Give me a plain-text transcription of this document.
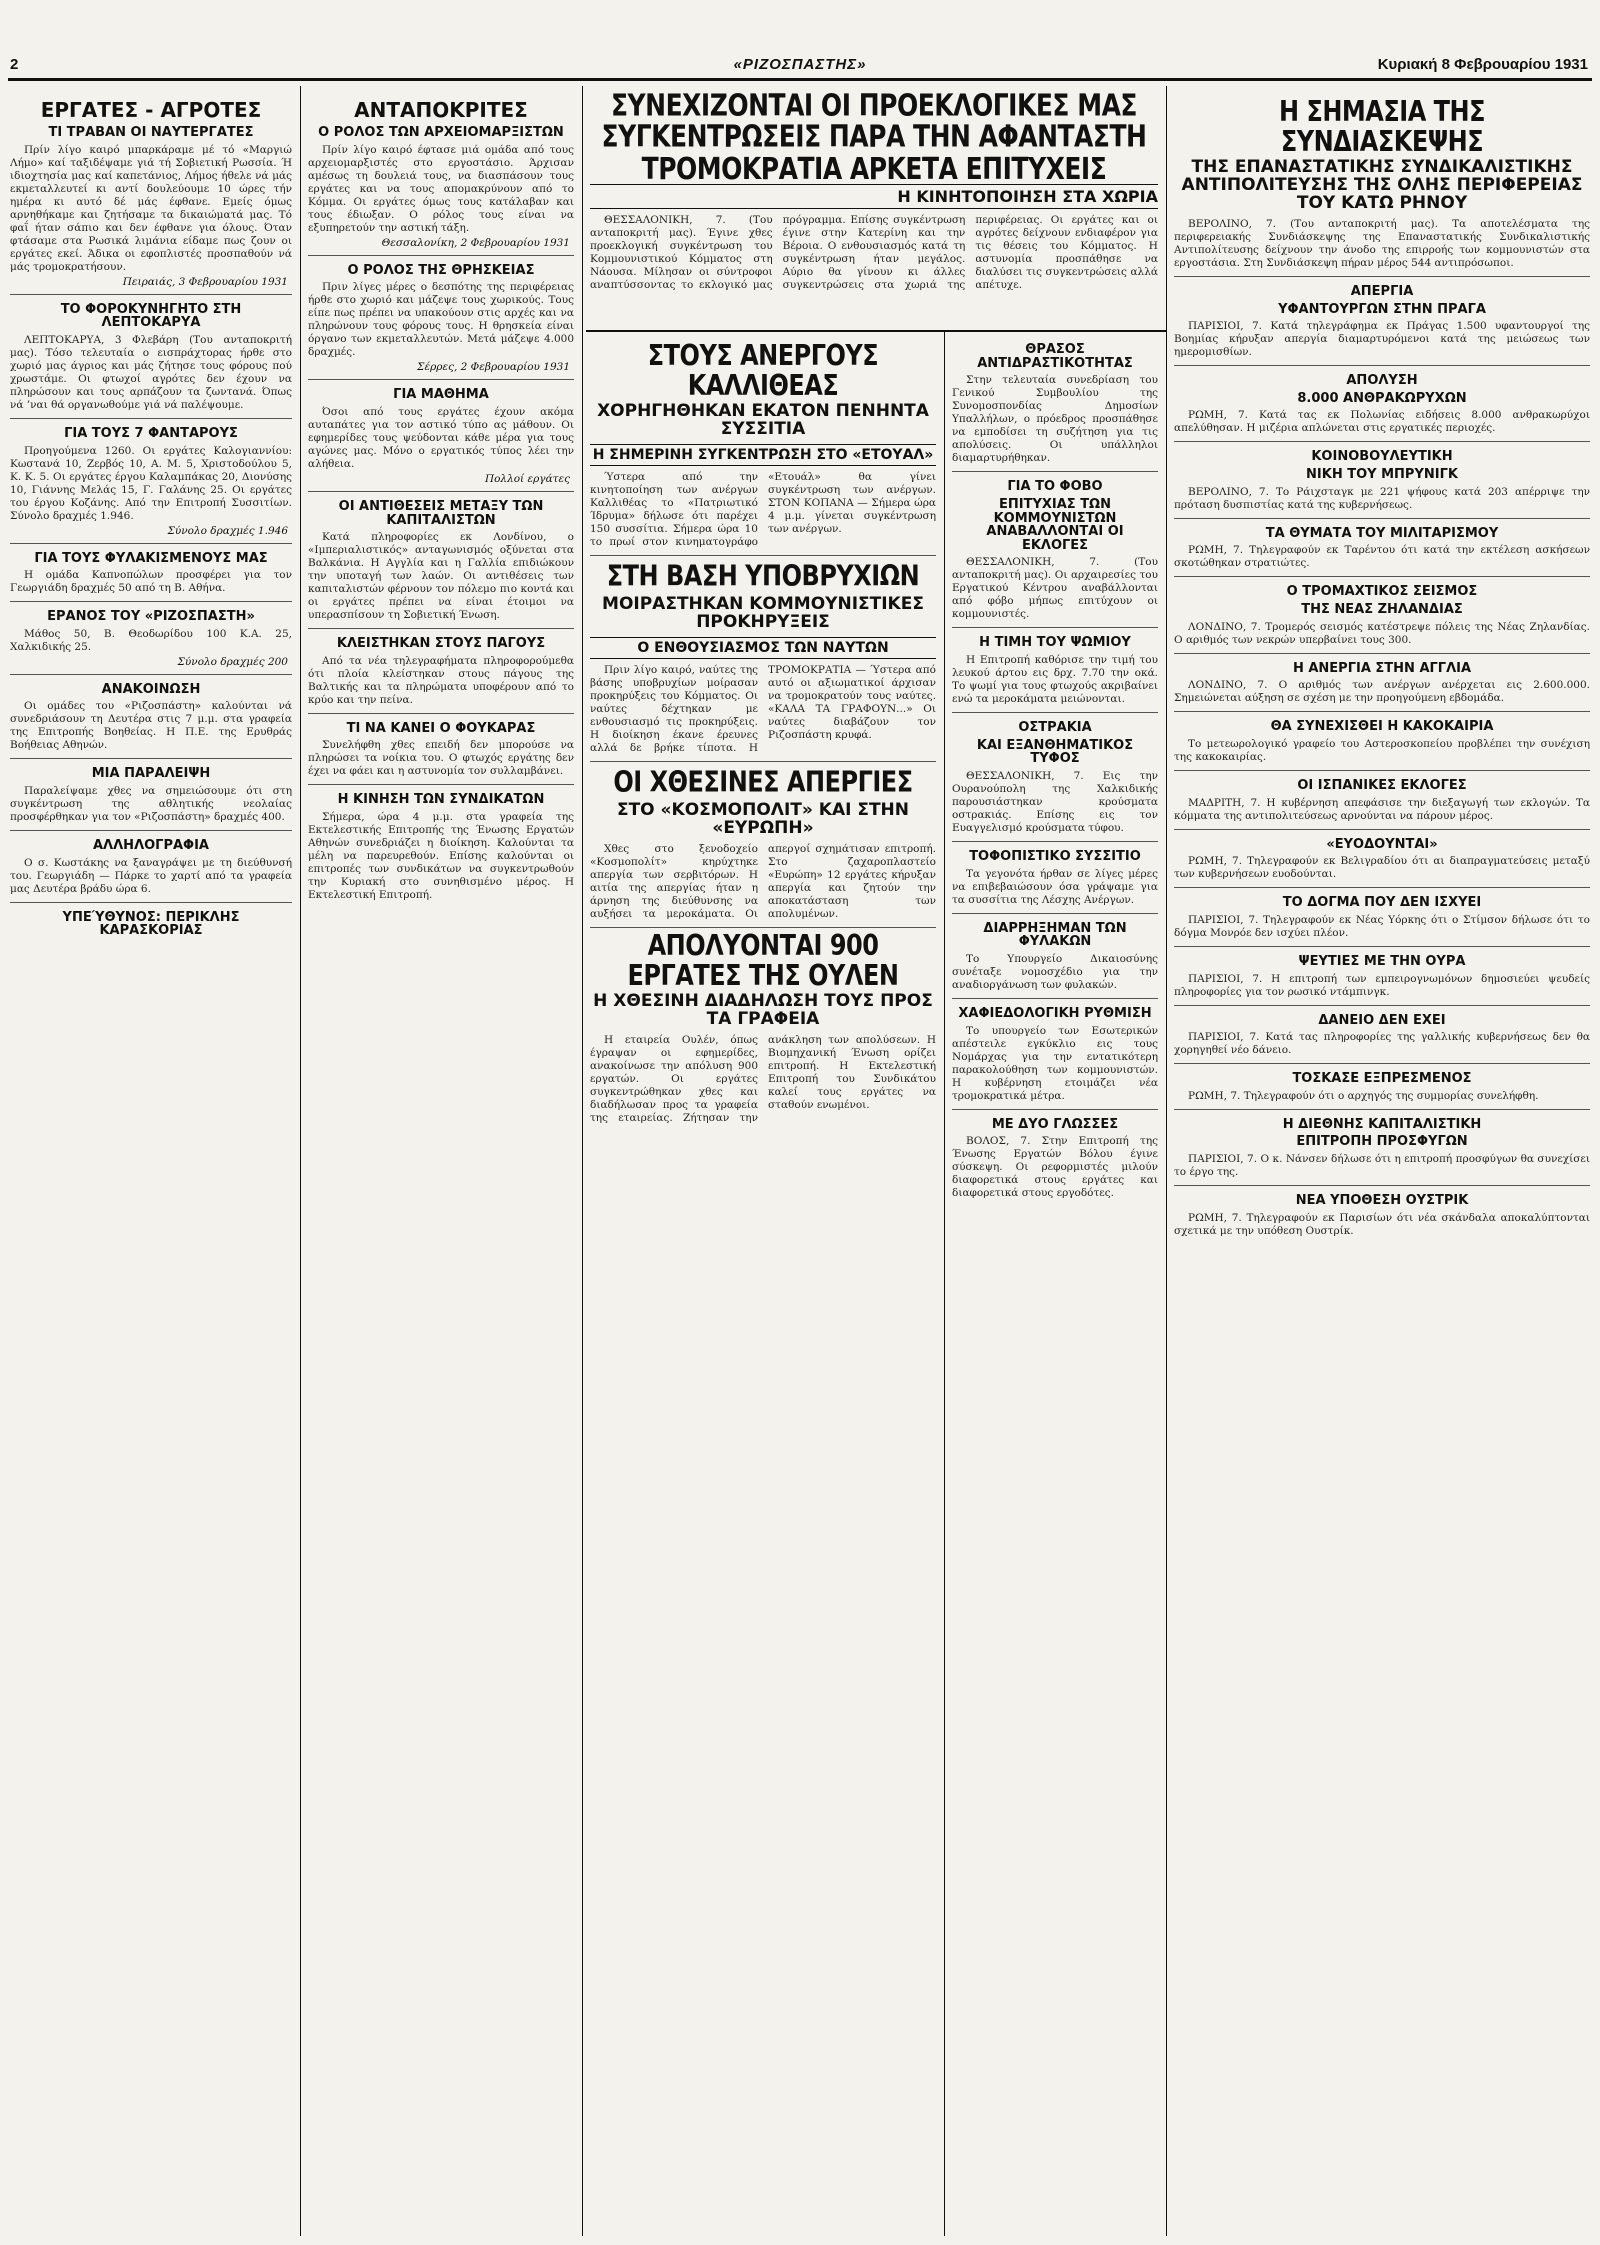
2	«ΡΙΖΟΣΠΑΣΤΗΣ»	Κυριακή 8 Φεβρουαρίου 1931
ΕΡΓΑΤΕΣ - ΑΓΡΟΤΕΣ
ΤΙ ΤΡΑΒΑΝ ΟΙ ΝΑΥΤΕΡΓΑΤΕΣ

Πρίν λίγο καιρό μπαρκάραμε μέ τό «Μαργιώ Λήμο» καί ταξιδέψαμε γιά τή Σοβιετική Ρωσσία. Ή ιδιοχτησία μας καί καπετάνιος, Λήμος ήθελε νά μάς εκμεταλλευτεί κι αντί δουλεύουμε 10 ώρες τήν ημέρα κι αυτό δέ μάς έφθανε. Εμείς όμως αρνηθήκαμε και ζητήσαμε τα δικαιώματά μας. Τό φαΐ ήταν σάπιο και δεν έφθανε για όλους. Όταν φτάσαμε στα Ρωσικά λιμάνια είδαμε πως ζουν οι εργάτες εκεί. Άδικα οι εφοπλιστές προσπαθούν νά μάς τρομοκρατήσουν.

Πειραιάς, 3 Φεβρουαρίου 1931
ΤΟ ΦΟΡΟΚΥΝΗΓΗΤΟ ΣΤΗ ΛΕΠΤΟΚΑΡΥΑ

ΛΕΠΤΟΚΑΡΥΑ, 3 Φλεβάρη (Του ανταποκριτή μας). Τόσο τελευταία ο εισπράχτορας ήρθε στο χωριό μας άγριος και μάς ζήτησε τους φόρους πού χρωστάμε. Οι φτωχοί αγρότες δεν έχουν να πληρώσουν και τους αρπάζουν τα ζωντανά. Όπως νά ’ναι θά οργανωθούμε γιά νά παλέψουμε.

ΓΙΑ ΤΟΥΣ 7 ΦΑΝΤΑΡΟΥΣ

Προηγούμενα 1260. Οι εργάτες Καλογιαννίου: Κωστανά 10, Ζερβός 10, Α. Μ. 5, Χριστοδούλου 5, Κ. Κ. 5. Οι εργάτες έργου Καλαμπάκας 20, Διονύσης 10, Γιάννης Μελάς 15, Γ. Γαλάνης 25. Οι εργάτες του έργου Κοζάνης. Από την Επιτροπή Συσσιτίων. Σύνολο δραχμές 1.946.

Σύνολο δραχμές 1.946
ΓΙΑ ΤΟΥΣ ΦΥΛΑΚΙΣΜΕΝΟΥΣ ΜΑΣ

Η ομάδα Καπνοπώλων προσφέρει για τον Γεωργιάδη δραχμές 50 από τη Β. Αθήνα.

ΕΡΑΝΟΣ ΤΟΥ «ΡΙΖΟΣΠΑΣΤΗ»

Μάθος 50, Β. Θεοδωρίδου 100 Κ.Α. 25, Χαλκιδικής 25.

Σύνολο δραχμές 200
ΑΝΑΚΟΙΝΩΣΗ

Οι ομάδες του «Ριζοσπάστη» καλούνται νά συνεδριάσουν τη Δευτέρα στις 7 μ.μ. στα γραφεία της Επιτροπής Βοηθείας. Η Π.Ε. της Ερυθράς Βοήθειας Αθηνών.

ΜΙΑ ΠΑΡΑΛΕΙΨΗ

Παραλείψαμε χθες να σημειώσουμε ότι στη συγκέντρωση της αθλητικής νεολαίας προσφέρθηκαν για τον «Ριζοσπάστη» δραχμές 400.

ΑΛΛΗΛΟΓΡΑΦΙΑ

Ο σ. Κωστάκης να ξαναγράψει με τη διεύθυνσή του. Γεωργιάδη — Πάρκε το χαρτί από τα γραφεία μας Δευτέρα βράδυ ώρα 6.

ΥΠΕΎΘΥΝΟΣ: ΠΕΡΙΚΛΗΣ ΚΑΡΑΣΚΟΡΙΑΣ
ΑΝΤΑΠΟΚΡΙΤΕΣ
Ο ΡΟΛΟΣ ΤΩΝ ΑΡΧΕΙΟΜΑΡΞΙΣΤΩΝ

Πρίν λίγο καιρό έφτασε μιά ομάδα από τους αρχειομαρξιστές στο εργοστάσιο. Άρχισαν αμέσως τη δουλειά τους, να διασπάσουν τους εργάτες και να τους απομακρύνουν από το Κόμμα. Οι εργάτες όμως τους κατάλαβαν και τους έδιωξαν. Ο ρόλος τους είναι να εξυπηρετούν την αστική τάξη.

Θεσσαλονίκη, 2 Φεβρουαρίου 1931
Ο ΡΟΛΟΣ ΤΗΣ ΘΡΗΣΚΕΙΑΣ

Πριν λίγες μέρες ο δεσπότης της περιφέρειας ήρθε στο χωριό και μάζεψε τους χωρικούς. Τους είπε πως πρέπει να υπακούουν στις αρχές και να πληρώνουν τους φόρους τους. Η θρησκεία είναι όργανο των εκμεταλλευτών. Μετά μάζεψε 4.000 δραχμές.

Σέρρες, 2 Φεβρουαρίου 1931
ΓΙΑ ΜΑΘΗΜΑ

Όσοι από τους εργάτες έχουν ακόμα αυταπάτες για τον αστικό τύπο ας μάθουν. Οι εφημερίδες τους ψεύδονται κάθε μέρα για τους αγώνες μας. Μόνο ο εργατικός τύπος λέει την αλήθεια.

Πολλοί εργάτες
ΟΙ ΑΝΤΙΘΕΣΕΙΣ ΜΕΤΑΞΥ ΤΩΝ ΚΑΠΙΤΑΛΙΣΤΩΝ

Κατά πληροφορίες εκ Λονδίνου, ο «Ιμπεριαλιστικός» ανταγωνισμός οξύνεται στα Βαλκάνια. Η Αγγλία και η Γαλλία επιδιώκουν την υποταγή των λαών. Οι αντιθέσεις των καπιταλιστών φέρνουν τον πόλεμο πιο κοντά και οι εργάτες πρέπει να είναι έτοιμοι να υπερασπίσουν τη Σοβιετική Ένωση.

ΚΛΕΙΣΤΗΚΑΝ ΣΤΟΥΣ ΠΑΓΟΥΣ

Από τα νέα τηλεγραφήματα πληροφορούμεθα ότι πλοία κλείστηκαν στους πάγους της Βαλτικής και τα πληρώματα υποφέρουν από το κρύο και την πείνα.

ΤΙ ΝΑ ΚΑΝΕΙ Ο ΦΟΥΚΑΡΑΣ

Συνελήφθη χθες επειδή δεν μπορούσε να πληρώσει τα νοίκια του. Ο φτωχός εργάτης δεν έχει να φάει και η αστυνομία τον συλλαμβάνει.

Η ΚΙΝΗΣΗ ΤΩΝ ΣΥΝΔΙΚΑΤΩΝ

Σήμερα, ώρα 4 μ.μ. στα γραφεία της Εκτελεστικής Επιτροπής της Ένωσης Εργατών Αθηνών συνεδριάζει η διοίκηση. Καλούνται τα μέλη να παρευρεθούν. Επίσης καλούνται οι επιτροπές των συνδικάτων να συγκεντρωθούν την Κυριακή στο συνηθισμένο μέρος. Η Εκτελεστική Επιτροπή.

ΣΥΝΕΧΙΖΟΝΤΑΙ ΟΙ ΠΡΟΕΚΛΟΓΙΚΕΣ ΜΑΣ ΣΥΓΚΕΝΤΡΩΣΕΙΣ ΠΑΡΑ ΤΗΝ ΑΦΑΝΤΑΣΤΗ ΤΡΟΜΟΚΡΑΤΙΑ ΑΡΚΕΤΑ ΕΠΙΤΥΧΕΙΣ
Η ΚΙΝΗΤΟΠΟΙΗΣΗ ΣΤΑ ΧΩΡΙΑ

ΘΕΣΣΑΛΟΝΙΚΗ, 7. (Του ανταποκριτή μας). Έγινε χθες προεκλογική συγκέντρωση του Κομμουνιστικού Κόμματος στη Νάουσα. Μίλησαν οι σύντροφοι αναπτύσσοντας το εκλογικό μας πρόγραμμα. Επίσης συγκέντρωση έγινε στην Κατερίνη και την Βέροια. Ο ενθουσιασμός κατά τη συγκέντρωση ήταν μεγάλος. Αύριο θα γίνουν κι άλλες συγκεντρώσεις στα χωριά της περιφέρειας. Οι εργάτες και οι αγρότες δείχνουν ενδιαφέρον για τις θέσεις του Κόμματος. Η αστυνομία προσπάθησε να διαλύσει τις συγκεντρώσεις αλλά απέτυχε.

ΣΤΟΥΣ ΑΝΕΡΓΟΥΣ ΚΑΛΛΙΘΕΑΣ
ΧΟΡΗΓΗΘΗΚΑΝ ΕΚΑΤΟΝ ΠΕΝΗΝΤΑ ΣΥΣΣΙΤΙΑ
Η ΣΗΜΕΡΙΝΗ ΣΥΓΚΕΝΤΡΩΣΗ ΣΤΟ «ΕΤΟΥΑΛ»

Ύστερα από την κινητοποίηση των ανέργων Καλλιθέας το «Πατριωτικό Ίδρυμα» δήλωσε ότι παρέχει 150 συσσίτια. Σήμερα ώρα 10 το πρωί στον κινηματογράφο «Ετουάλ» θα γίνει συγκέντρωση των ανέργων. ΣΤΟΝ ΚΟΠΑΝΑ — Σήμερα ώρα 4 μ.μ. γίνεται συγκέντρωση των ανέργων.

ΣΤΗ ΒΑΣΗ ΥΠΟΒΡΥΧΙΩΝ
ΜΟΙΡΑΣΤΗΚΑΝ ΚΟΜΜΟΥΝΙΣΤΙΚΕΣ ΠΡΟΚΗΡΥΞΕΙΣ
Ο ΕΝΘΟΥΣΙΑΣΜΟΣ ΤΩΝ ΝΑΥΤΩΝ

Πριν λίγο καιρό, ναύτες της βάσης υποβρυχίων μοίρασαν προκηρύξεις του Κόμματος. Οι ναύτες δέχτηκαν με ενθουσιασμό τις προκηρύξεις. Η διοίκηση έκανε έρευνες αλλά δε βρήκε τίποτα. Η ΤΡΟΜΟΚΡΑΤΙΑ — Ύστερα από αυτό οι αξιωματικοί άρχισαν να τρομοκρατούν τους ναύτες. «ΚΑΛΑ ΤΑ ΓΡΑΦΟΥΝ...» Οι ναύτες διαβάζουν τον Ριζοσπάστη κρυφά.

ΟΙ ΧΘΕΣΙΝΕΣ ΑΠΕΡΓΙΕΣ
ΣΤΟ «ΚΟΣΜΟΠΟΛΙΤ» ΚΑΙ ΣΤΗΝ «ΕΥΡΩΠΗ»

Χθες στο ξενοδοχείο «Κοσμοπολίτ» κηρύχτηκε απεργία των σερβιτόρων. Η αιτία της απεργίας ήταν η άρνηση της διεύθυνσης να αυξήσει τα μεροκάματα. Οι απεργοί σχημάτισαν επιτροπή. Στο ζαχαροπλαστείο «Ευρώπη» 12 εργάτες κήρυξαν απεργία και ζητούν την αποκατάσταση των απολυμένων.

ΑΠΟΛΥΟΝΤΑΙ 900 ΕΡΓΑΤΕΣ ΤΗΣ ΟΥΛΕΝ
Η ΧΘΕΣΙΝΗ ΔΙΑΔΗΛΩΣΗ ΤΟΥΣ ΠΡΟΣ ΤΑ ΓΡΑΦΕΙΑ

Η εταιρεία Ουλέν, όπως έγραψαν οι εφημερίδες, ανακοίνωσε την απόλυση 900 εργατών. Οι εργάτες συγκεντρώθηκαν χθες και διαδήλωσαν προς τα γραφεία της εταιρείας. Ζήτησαν την ανάκληση των απολύσεων. Η Βιομηχανική Ένωση ορίζει επιτροπή. Η Εκτελεστική Επιτροπή του Συνδικάτου καλεί τους εργάτες να σταθούν ενωμένοι.

ΘΡΑΣΟΣ ΑΝΤΙΔΡΑΣΤΙΚΟΤΗΤΑΣ

Στην τελευταία συνεδρίαση του Γενικού Συμβουλίου της Συνομοσπονδίας Δημοσίων Υπαλλήλων, ο πρόεδρος προσπάθησε να εμποδίσει τη συζήτηση για τις απολύσεις. Οι υπάλληλοι διαμαρτυρήθηκαν.

ΓΙΑ ΤΟ ΦΟΒΟ
ΕΠΙΤΥΧΙΑΣ ΤΩΝ ΚΟΜΜΟΥΝΙΣΤΩΝ ΑΝΑΒΑΛΛΟΝΤΑΙ ΟΙ ΕΚΛΟΓΕΣ

ΘΕΣΣΑΛΟΝΙΚΗ, 7. (Του ανταποκριτή μας). Οι αρχαιρεσίες του Εργατικού Κέντρου αναβάλλονται από φόβο μήπως επιτύχουν οι κομμουνιστές.

Η ΤΙΜΗ ΤΟΥ ΨΩΜΙΟΥ

Η Επιτροπή καθόρισε την τιμή του λευκού άρτου εις δρχ. 7.70 την οκά. Το ψωμί για τους φτωχούς ακριβαίνει ενώ τα μεροκάματα μειώνονται.

ΟΣΤΡΑΚΙΑ
ΚΑΙ ΕΞΑΝΘΗΜΑΤΙΚΟΣ ΤΥΦΟΣ

ΘΕΣΣΑΛΟΝΙΚΗ, 7. Εις την Ουρανούπολη της Χαλκιδικής παρουσιάστηκαν κρούσματα οστρακιάς. Επίσης εις τον Ευαγγελισμό κρούσματα τύφου.

ΤΟΦΟΠΙΣΤΙΚΟ ΣΥΣΣΙΤΙΟ

Τα γεγονότα ήρθαν σε λίγες μέρες να επιβεβαιώσουν όσα γράψαμε για τα συσσίτια της Λέσχης Ανέργων.

ΔΙΑΡΡΗΞΗΜΑΝ ΤΩΝ ΦΥΛΑΚΩΝ

Το Υπουργείο Δικαιοσύνης συνέταξε νομοσχέδιο για την αναδιοργάνωση των φυλακών.

ΧΑΦΙΕΔΟΛΟΓΙΚΗ ΡΥΘΜΙΣΗ

Το υπουργείο των Εσωτερικών απέστειλε εγκύκλιο εις τους Νομάρχας για την εντατικότερη παρακολούθηση των κομμουνιστών. Η κυβέρνηση ετοιμάζει νέα τρομοκρατικά μέτρα.

ΜΕ ΔΥΟ ΓΛΩΣΣΕΣ

ΒΟΛΟΣ, 7. Στην Επιτροπή της Ένωσης Εργατών Βόλου έγινε σύσκεψη. Οι ρεφορμιστές μιλούν διαφορετικά στους εργάτες και διαφορετικά στους εργοδότες.

Η ΣΗΜΑΣΙΑ ΤΗΣ ΣΥΝΔΙΑΣΚΕΨΗΣ
ΤΗΣ ΕΠΑΝΑΣΤΑΤΙΚΗΣ ΣΥΝΔΙΚΑΛΙΣΤΙΚΗΣ ΑΝΤΙΠΟΛΙΤΕΥΣΗΣ ΤΗΣ ΟΛΗΣ ΠΕΡΙΦΕΡΕΙΑΣ ΤΟΥ ΚΑΤΩ ΡΗΝΟΥ

ΒΕΡΟΛΙΝΟ, 7. (Του ανταποκριτή μας). Τα αποτελέσματα της περιφερειακής Συνδιάσκεψης της Επαναστατικής Συνδικαλιστικής Αντιπολίτευσης δείχνουν την άνοδο της επιρροής των κομμουνιστών στα εργοστάσια. Στη Συνδιάσκεψη πήραν μέρος 544 αντιπρόσωποι.

ΑΠΕΡΓΙΑ
ΥΦΑΝΤΟΥΡΓΩΝ ΣΤΗΝ ΠΡΑΓΑ

ΠΑΡΙΣΙΟΙ, 7. Κατά τηλεγράφημα εκ Πράγας 1.500 υφαντουργοί της Βοημίας κήρυξαν απεργία διαμαρτυρόμενοι κατά της μειώσεως των ημερομισθίων.

ΑΠΟΛΥΣΗ
8.000 ΑΝΘΡΑΚΩΡΥΧΩΝ

ΡΩΜΗ, 7. Κατά τας εκ Πολωνίας ειδήσεις 8.000 ανθρακωρύχοι απελύθησαν. Η μιζέρια απλώνεται στις εργατικές περιοχές.

ΚΟΙΝΟΒΟΥΛΕΥΤΙΚΗ
ΝΙΚΗ ΤΟΥ ΜΠΡΥΝΙΓΚ

ΒΕΡΟΛΙΝΟ, 7. Το Ράιχσταγκ με 221 ψήφους κατά 203 απέρριψε την πρόταση δυσπιστίας κατά της κυβερνήσεως.

ΤΑ ΘΥΜΑΤΑ ΤΟΥ ΜΙΛΙΤΑΡΙΣΜΟΥ

ΡΩΜΗ, 7. Τηλεγραφούν εκ Ταρέντου ότι κατά την εκτέλεση ασκήσεων σκοτώθηκαν στρατιώτες.

Ο ΤΡΟΜΑΧΤΙΚΟΣ ΣΕΙΣΜΟΣ
ΤΗΣ ΝΕΑΣ ΖΗΛΑΝΔΙΑΣ

ΛΟΝΔΙΝΟ, 7. Τρομερός σεισμός κατέστρεψε πόλεις της Νέας Ζηλανδίας. Ο αριθμός των νεκρών υπερβαίνει τους 300.

Η ΑΝΕΡΓΙΑ ΣΤΗΝ ΑΓΓΛΙΑ

ΛΟΝΔΙΝΟ, 7. Ο αριθμός των ανέργων ανέρχεται εις 2.600.000. Σημειώνεται αύξηση σε σχέση με την προηγούμενη εβδομάδα.

ΘΑ ΣΥΝΕΧΙΣΘΕΙ Η ΚΑΚΟΚΑΙΡΙΑ

Το μετεωρολογικό γραφείο του Αστεροσκοπείου προβλέπει την συνέχιση της κακοκαιρίας.

ΟΙ ΙΣΠΑΝΙΚΕΣ ΕΚΛΟΓΕΣ

ΜΑΔΡΙΤΗ, 7. Η κυβέρνηση απεφάσισε την διεξαγωγή των εκλογών. Τα κόμματα της αντιπολιτεύσεως αρνούνται να πάρουν μέρος.

«ΕΥΟΔΟΥΝΤΑΙ»

ΡΩΜΗ, 7. Τηλεγραφούν εκ Βελιγραδίου ότι αι διαπραγματεύσεις μεταξύ των κυβερνήσεων ευοδούνται.

ΤΟ ΔΟΓΜΑ ΠΟΥ ΔΕΝ ΙΣΧΥΕΙ

ΠΑΡΙΣΙΟΙ, 7. Τηλεγραφούν εκ Νέας Υόρκης ότι ο Στίμσον δήλωσε ότι το δόγμα Μονρόε δεν ισχύει πλέον.

ΨΕΥΤΙΕΣ ΜΕ ΤΗΝ ΟΥΡΑ

ΠΑΡΙΣΙΟΙ, 7. Η επιτροπή των εμπειρογνωμόνων δημοσιεύει ψευδείς πληροφορίες για τον ρωσικό ντάμπινγκ.

ΔΑΝΕΙΟ ΔΕΝ ΕΧΕΙ

ΠΑΡΙΣΙΟΙ, 7. Κατά τας πληροφορίες της γαλλικής κυβερνήσεως δεν θα χορηγηθεί νέο δάνειο.

ΤΟΣΚΑΣΕ ΕΞΠΡΕΣΜΕΝΟΣ

ΡΩΜΗ, 7. Τηλεγραφούν ότι ο αρχηγός της συμμορίας συνελήφθη.

Η ΔΙΕΘΝΗΣ ΚΑΠΙΤΑΛΙΣΤΙΚΗ
ΕΠΙΤΡΟΠΗ ΠΡΟΣΦΥΓΩΝ

ΠΑΡΙΣΙΟΙ, 7. Ο κ. Νάνσεν δήλωσε ότι η επιτροπή προσφύγων θα συνεχίσει το έργο της.

ΝΕΑ ΥΠΟΘΕΣΗ ΟΥΣΤΡΙΚ

ΡΩΜΗ, 7. Τηλεγραφούν εκ Παρισίων ότι νέα σκάνδαλα αποκαλύπτονται σχετικά με την υπόθεση Ουστρίκ.
